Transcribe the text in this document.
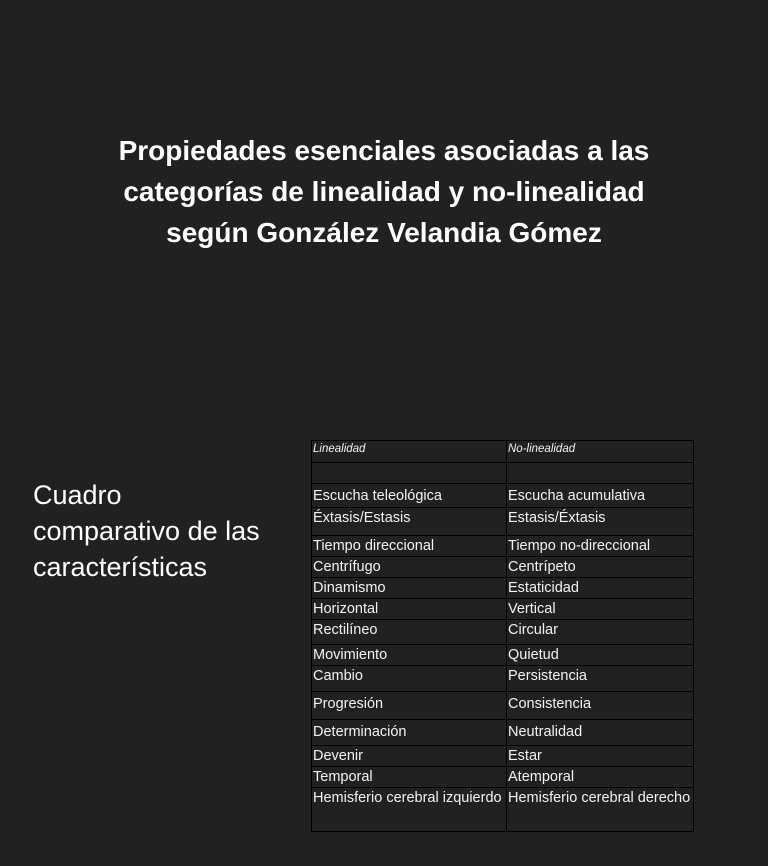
Propiedades esenciales asociadas a las
categorías de linealidad y no-linealidad
según González Velandia Gómez
Cuadro
comparativo de las
características
Linealidad	No-linealidad

Escucha teleológica	Escucha acumulativa
Éxtasis/Estasis	Estasis/Éxtasis
Tiempo direccional	Tiempo no-direccional
Centrífugo	Centrípeto
Dinamismo	Estaticidad
Horizontal	Vertical
Rectilíneo	Circular
Movimiento	Quietud
Cambio	Persistencia
Progresión	Consistencia
Determinación	Neutralidad
Devenir	Estar
Temporal	Atemporal
Hemisferio cerebral izquierdo	Hemisferio cerebral derecho
